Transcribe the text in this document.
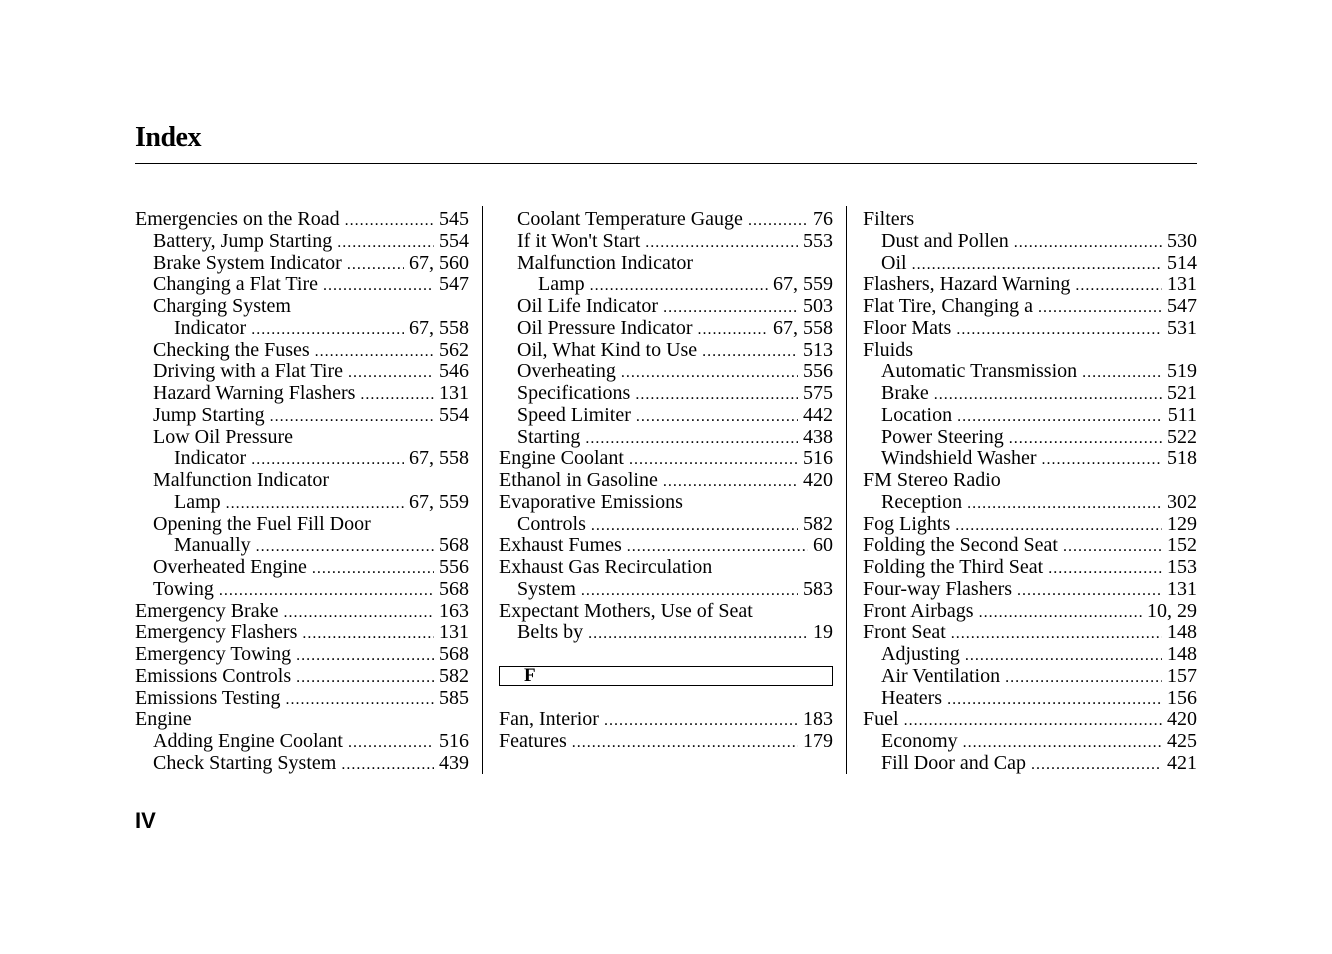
Index
Emergencies on the Road .....	545
Battery, Jump Starting .....	554
Brake System Indicator .....	67, 560
Changing a Flat Tire .....	547
Charging System
Indicator .....	67, 558
Checking the Fuses .....	562
Driving with a Flat Tire .....	546
Hazard Warning Flashers .....	131
Jump Starting .....	554
Low Oil Pressure
Indicator .....	67, 558
Malfunction Indicator
Lamp .....	67, 559
Opening the Fuel Fill Door
Manually .....	568
Overheated Engine .....	556
Towing .....	568
Emergency Brake .....	163
Emergency Flashers .....	131
Emergency Towing .....	568
Emissions Controls .....	582
Emissions Testing .....	585
Engine
Adding Engine Coolant .....	516
Check Starting System .....	439
Coolant Temperature Gauge .....	76
If it Won't Start .....	553
Malfunction Indicator
Lamp .....	67, 559
Oil Life Indicator .....	503
Oil Pressure Indicator .....	67, 558
Oil, What Kind to Use .....	513
Overheating .....	556
Specifications .....	575
Speed Limiter .....	442
Starting .....	438
Engine Coolant .....	516
Ethanol in Gasoline .....	420
Evaporative Emissions
Controls .....	582
Exhaust Fumes .....	60
Exhaust Gas Recirculation
System .....	583
Expectant Mothers, Use of Seat
Belts by .....	19
F
Fan, Interior .....	183
Features .....	179
Filters
Dust and Pollen .....	530
Oil .....	514
Flashers, Hazard Warning .....	131
Flat Tire, Changing a .....	547
Floor Mats .....	531
Fluids
Automatic Transmission .....	519
Brake .....	521
Location .....	511
Power Steering .....	522
Windshield Washer .....	518
FM Stereo Radio
Reception .....	302
Fog Lights .....	129
Folding the Second Seat .....	152
Folding the Third Seat .....	153
Four-way Flashers .....	131
Front Airbags .....	10, 29
Front Seat .....	148
Adjusting .....	148
Air Ventilation .....	157
Heaters .....	156
Fuel .....	420
Economy .....	425
Fill Door and Cap .....	421
IV
